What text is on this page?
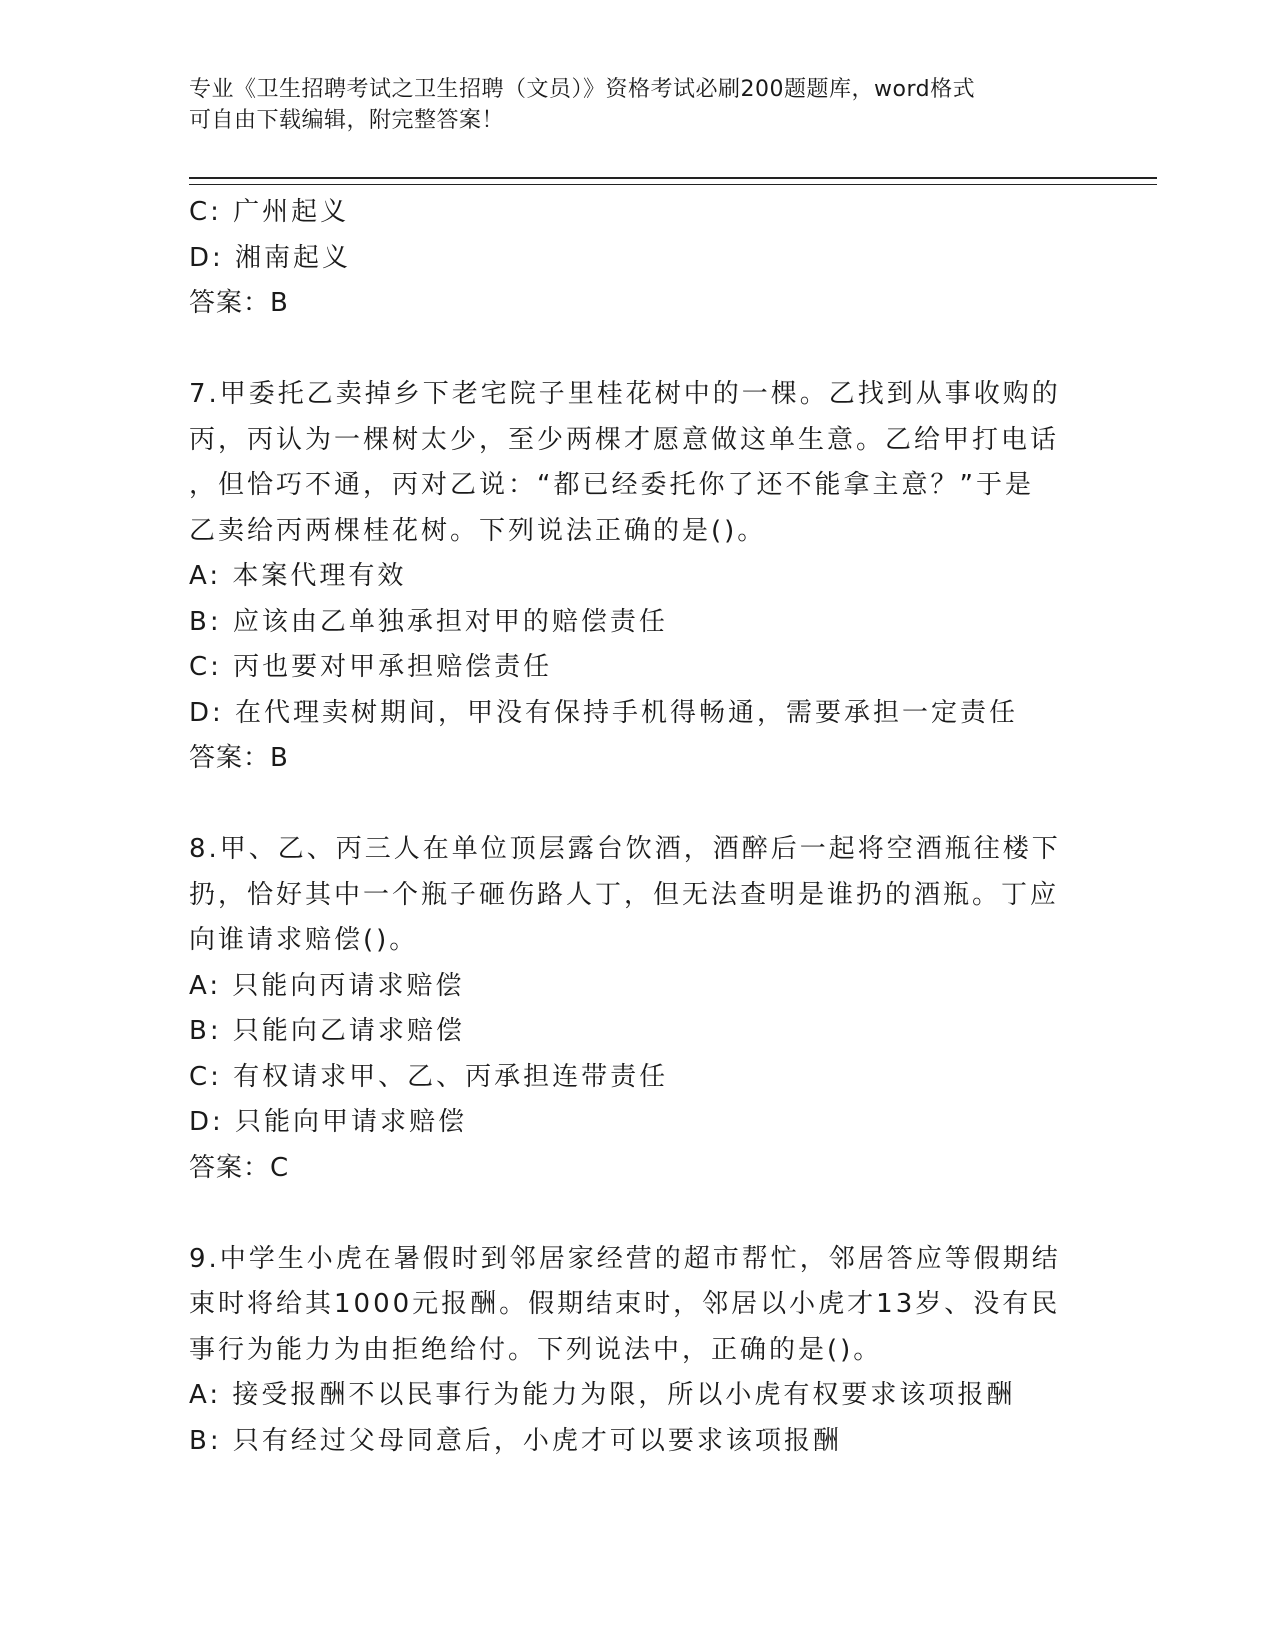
专业《卫生招聘考试之卫生招聘（文员）》资格考试必刷200题题库，word格式
可自由下载编辑，附完整答案！
C: 广州起义
D: 湘南起义
答案：B
7.甲委托乙卖掉乡下老宅院子里桂花树中的一棵。乙找到从事收购的
丙，丙认为一棵树太少，至少两棵才愿意做这单生意。乙给甲打电话
，但恰巧不通，丙对乙说：“都已经委托你了还不能拿主意？”于是
乙卖给丙两棵桂花树。下列说法正确的是()。
A: 本案代理有效
B: 应该由乙单独承担对甲的赔偿责任
C: 丙也要对甲承担赔偿责任
D: 在代理卖树期间，甲没有保持手机得畅通，需要承担一定责任
答案：B
8.甲、乙、丙三人在单位顶层露台饮酒，酒醉后一起将空酒瓶往楼下
扔，恰好其中一个瓶子砸伤路人丁，但无法查明是谁扔的酒瓶。丁应
向谁请求赔偿()。
A: 只能向丙请求赔偿
B: 只能向乙请求赔偿
C: 有权请求甲、乙、丙承担连带责任
D: 只能向甲请求赔偿
答案：C
9.中学生小虎在暑假时到邻居家经营的超市帮忙，邻居答应等假期结
束时将给其1000元报酬。假期结束时，邻居以小虎才13岁、没有民
事行为能力为由拒绝给付。下列说法中，正确的是()。
A: 接受报酬不以民事行为能力为限，所以小虎有权要求该项报酬
B: 只有经过父母同意后，小虎才可以要求该项报酬
